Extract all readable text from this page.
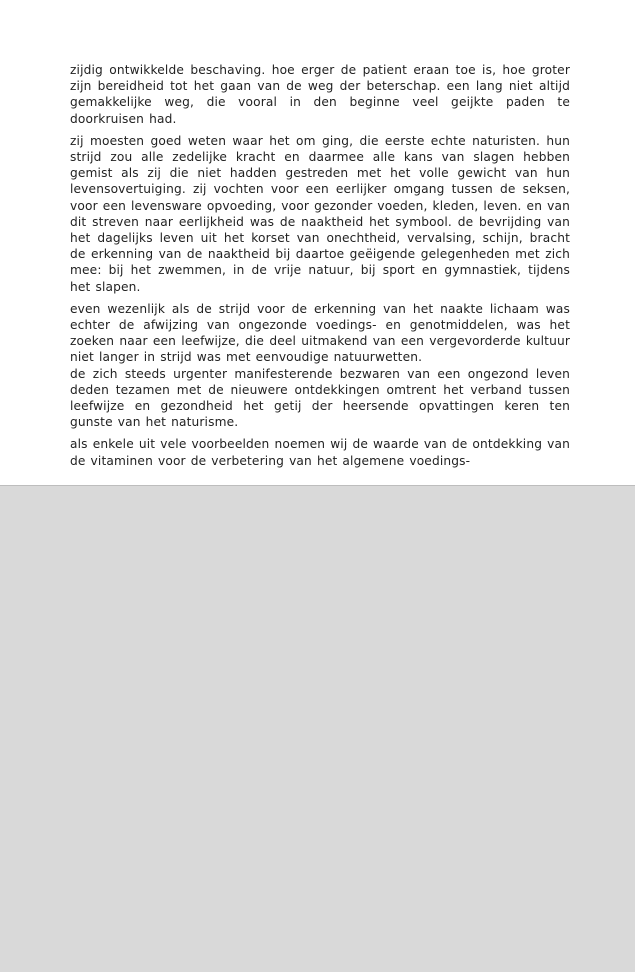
zijdig ontwikkelde beschaving. hoe erger de patient eraan toe is, hoe groter zijn bereidheid tot het gaan van de weg der beterschap. een lang niet altijd gemakkelijke weg, die vooral in den beginne veel geijkte paden te doorkruisen had.

zij moesten goed weten waar het om ging, die eerste echte naturisten. hun strijd zou alle zedelijke kracht en daarmee alle kans van slagen hebben gemist als zij die niet hadden gestreden met het volle gewicht van hun levensovertuiging. zij vochten voor een eerlijker omgang tussen de seksen, voor een levensware opvoeding, voor gezonder voeden, kleden, leven. en van dit streven naar eerlijkheid was de naaktheid het symbool. de bevrijding van het dagelijks leven uit het korset van onechtheid, vervalsing, schijn, bracht de erkenning van de naaktheid bij daartoe geëigende gelegenheden met zich mee: bij het zwemmen, in de vrije natuur, bij sport en gymnastiek, tijdens het slapen.

even wezenlijk als de strijd voor de erkenning van het naakte lichaam was echter de afwijzing van ongezonde voedings- en genotmiddelen, was het zoeken naar een leefwijze, die deel uitmakend van een vergevorderde kultuur niet langer in strijd was met eenvoudige natuurwetten.

de zich steeds urgenter manifesterende bezwaren van een ongezond leven deden tezamen met de nieuwere ontdekkingen omtrent het verband tussen leefwijze en gezondheid het getij der heersende opvattingen keren ten gunste van het naturisme.

als enkele uit vele voorbeelden noemen wij de waarde van de ontdekking van de vitaminen voor de verbetering van het algemene voedings-
